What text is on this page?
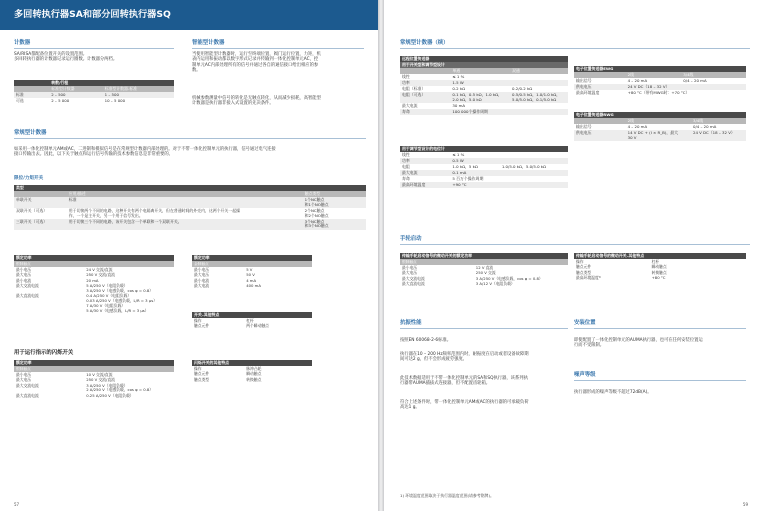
多回转执行器SA和部分回转执行器SQ
计数器
SA/RISA都配备位置开关的设置范围。
多回转执行器的计数器记录运行圈数。计数器分两档。
	转数/行程	
	标准型计数器	标准型计数器-标准
标准	2 – 500	1 – 500
可选	2 – 5 000	10 – 5 000
智能型计数器
当使用智能型计数器时，运行至终端位置，阀门运行位置，力矩，机
表内运用和振动都以数字形式记录并传输到一体化控制单元AC，控
制单元AC内部处理所有的信号并通过各自的通信接口给出相应的参
数。
机械参数测量中信号的转化是无触点转化，从而减少损耗，高智能型
计数器是执行器非接入式设置的先决条件。
常规型计数器
如采用一体化控制单元AM或AC，二进制和模拟信号是在常规型计数器内部处理的。对于不带一体化控制单元的执行器，信号通过电气连接
接口传输出去。因此，以下关于触点和运行信号传输的技术参数信息是非常重要的。
限位/力矩开关
类型		
	应用/描述	触点类型
单联开关	标准	1个NC触点
和1个NO触点
双联开关（可选）	用于切换两个不同的电路，这种开关有两个电隔离开关，但在普通时间的外壳内，这两个开关一起操
作，一个是主开关，另一个用于信号发出。	2个NC触点
和2个NO触点
三联开关（可选）	用于切换三个不同的电路，该开关包含一个单联和一个双联开关。	3个NC触点
和3个NO触点
额定功率
银制触点
最小电压	24 V 交流/直流
最大电压	250 V 交流/直流
最小电流	20 mA
最大交流电流	5 A/250 V（电阻负载）
3 A/250 V（电感负载，cos φ = 0.8）
最大直流电流	0.4 A/250 V（电阻负载）
0.03 A/250 V（电感负载，L/R = 3 µs）
7 A/30 V（电阻负载）
5 A/30 V（电感负载，L/R = 3 µs）
额定功率
金制触点
最小电压	5 V
最大电压	50 V
最小电流	4 mA
最大电流	400 mA
开关–其他特点
操作	杠杆
触点元件	两个瞬动触点
用于运行指示的闪烁开关
额定功率
银制触点
最小电压	10 V 交流/直流
最大电压	250 V 交流/直流
最大交流电流	3 A/250 V（电阻负载）
2 A/250 V（电感负载，cos φ = 0.8）
最大直流电流	0.25 A/250 V（电阻负载）
闪烁开关的其他特点
操作	脉冲凸轮
触点元件	瞬动触点
触点类型	转换触点
57
常规型计数器（续）
远程位置传送器		
用于开关型和调节型设计		
	单通	双通
线性	≤ 1 %	
功率	1.5 W	
电阻（标准）	0.2 kΩ	0.2/0.2 kΩ
电阻（可选）	0.1 kΩ，0.5 kΩ，1.0 kΩ，
2.0 kΩ，5.0 kΩ	0.5/0.5 kΩ，1.0/1.0 kΩ，
5.0/5.0 kΩ，0.1/5.0 kΩ
最大电流	30 mA	
寿命	100 000个操作周期	
用于调节型设计的电位计		
线性	≤ 1 %	
功率	0.5 W	
电阻	1.0 kΩ，5 kΩ	1.0/5.0 kΩ，5.0/5.0 kΩ
最大电流	0.1 mA	
寿命	5 百万个操作周期	
最高环境温度	+90 °C	
电子位置传送器EWG		
	2线	3/4线
输出信号	4 – 20 mA	0/4 – 20 mA
供电电压	24 V DC（18 – 32 V）	
最高环境温度	+80 °C（带有MWG时：+70 °C）	
电子位置传送器RWG		
	2线	3/4线
输出信号	4 – 20 mA	0/4 – 20 mA
供电电压	14 V DC + (I × R_B)，最大
30 V	24 V DC（18 – 32 V）
手轮启动
传输手轮启动信号的微动开关的额定功率
银制触点
最小电压	12 V 直流
最大电压	250 V 交流
最大交流电流	3 A/250 V（电感负载，cos φ = 0.8）
最大直流电流	3 A/12 V（电阻负载）
传输手轮启动信号的微动开关–其他特点
操作	杠杆
触点元件	瞬动触点
触点类型	转换触点
最高环境温度¹⁾	+80 °C
抗振性能
按照EN 60068-2-6标准。
执行器在10 – 200 Hz频率范围内时，耐振度在启动或者设备故障期
间可达2 g，但不会形成疲劳强度。
此技术数据适用于不带一体化控制单元的SA和SQ执行器，该系列执
行器带AUMA插拔式连接器，但不配置齿轮箱。
符合上述条件时，带一体化控制单元AM或AC的执行器的可承载负荷
高达1 g。
安装位置
即使配置了一体化控制单元的AUMA执行器，也可在任何安装位置运
行而不受限制。
噪声等级
执行器形成的噪声等级不超过72dB(A)。
1) 环境温度范围取决于执行器温度范围(请参考铭牌)。
59
